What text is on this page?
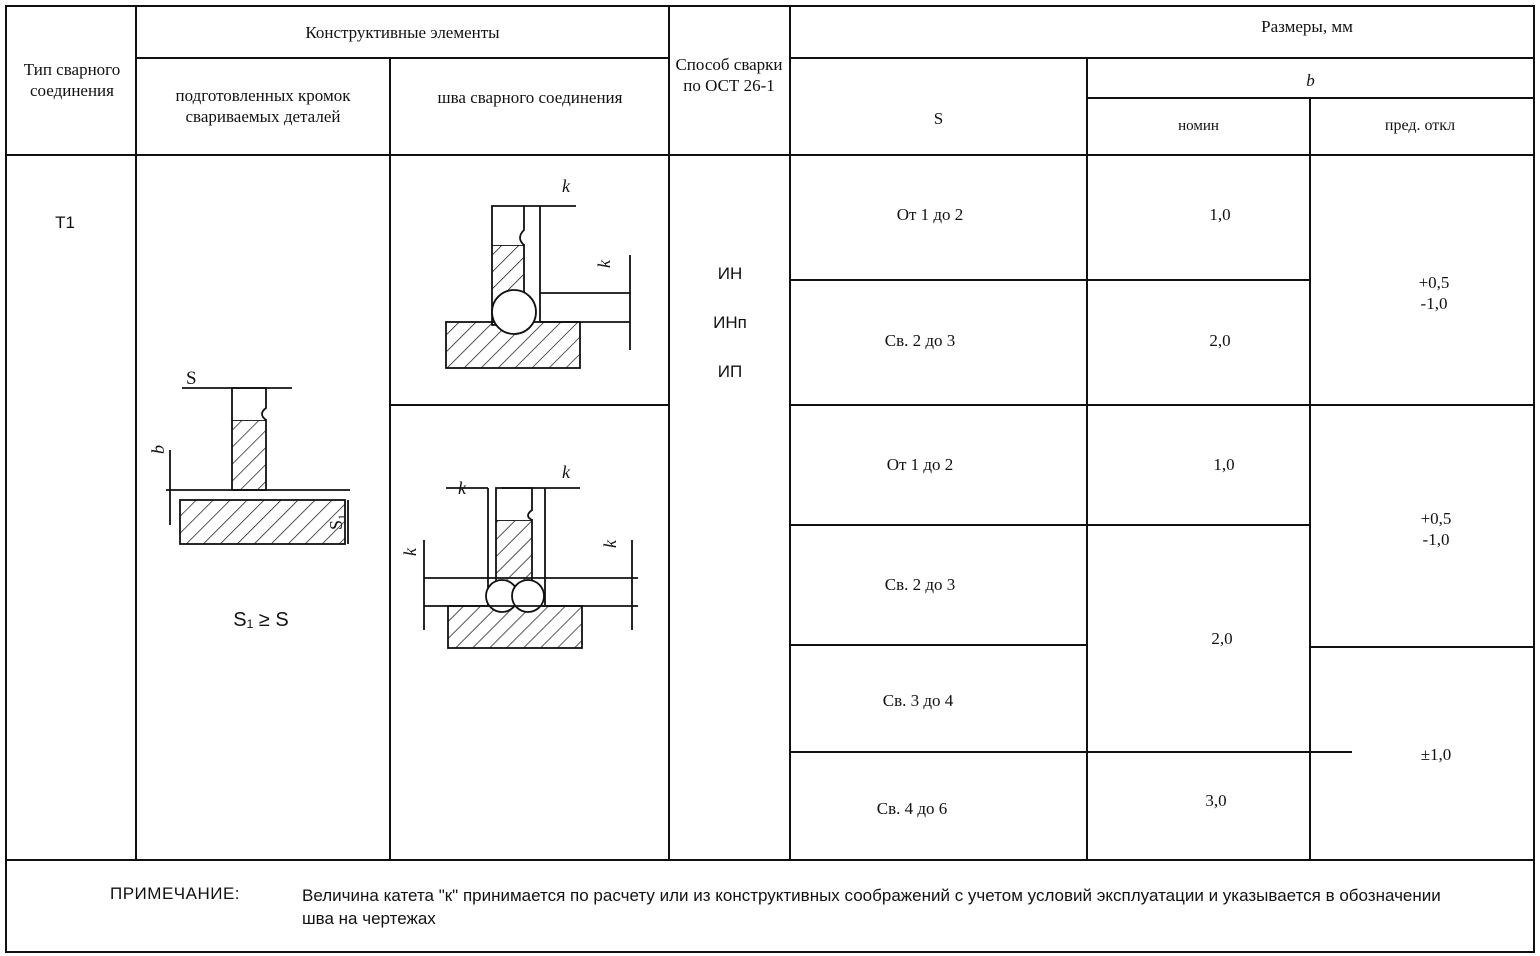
S
b
S₁
k
k
k
k
k
k
Тип сварного соединения
Конструктивные элементы
подготовленных кромок свариваемых деталей
шва сварного соединения
Способ сварки по ОСТ 26-1
Размеры, мм
S
b
номин	пред. откл
Т1
S₁ ≥ S
ИН
ИНп
ИП
От 1 до 2
Св. 2 до 3
От 1 до 2
Св. 2 до 3
Св. 3 до 4
Св. 4 до 6
1,0
2,0
1,0
2,0
3,0
+0,5 -1,0
+0,5 -1,0
±1,0
ПРИМЕЧАНИЕ:	Величина катета "к" принимается по расчету или из конструктивных соображений с учетом условий эксплуатации и указывается в обозначении шва на чертежах
